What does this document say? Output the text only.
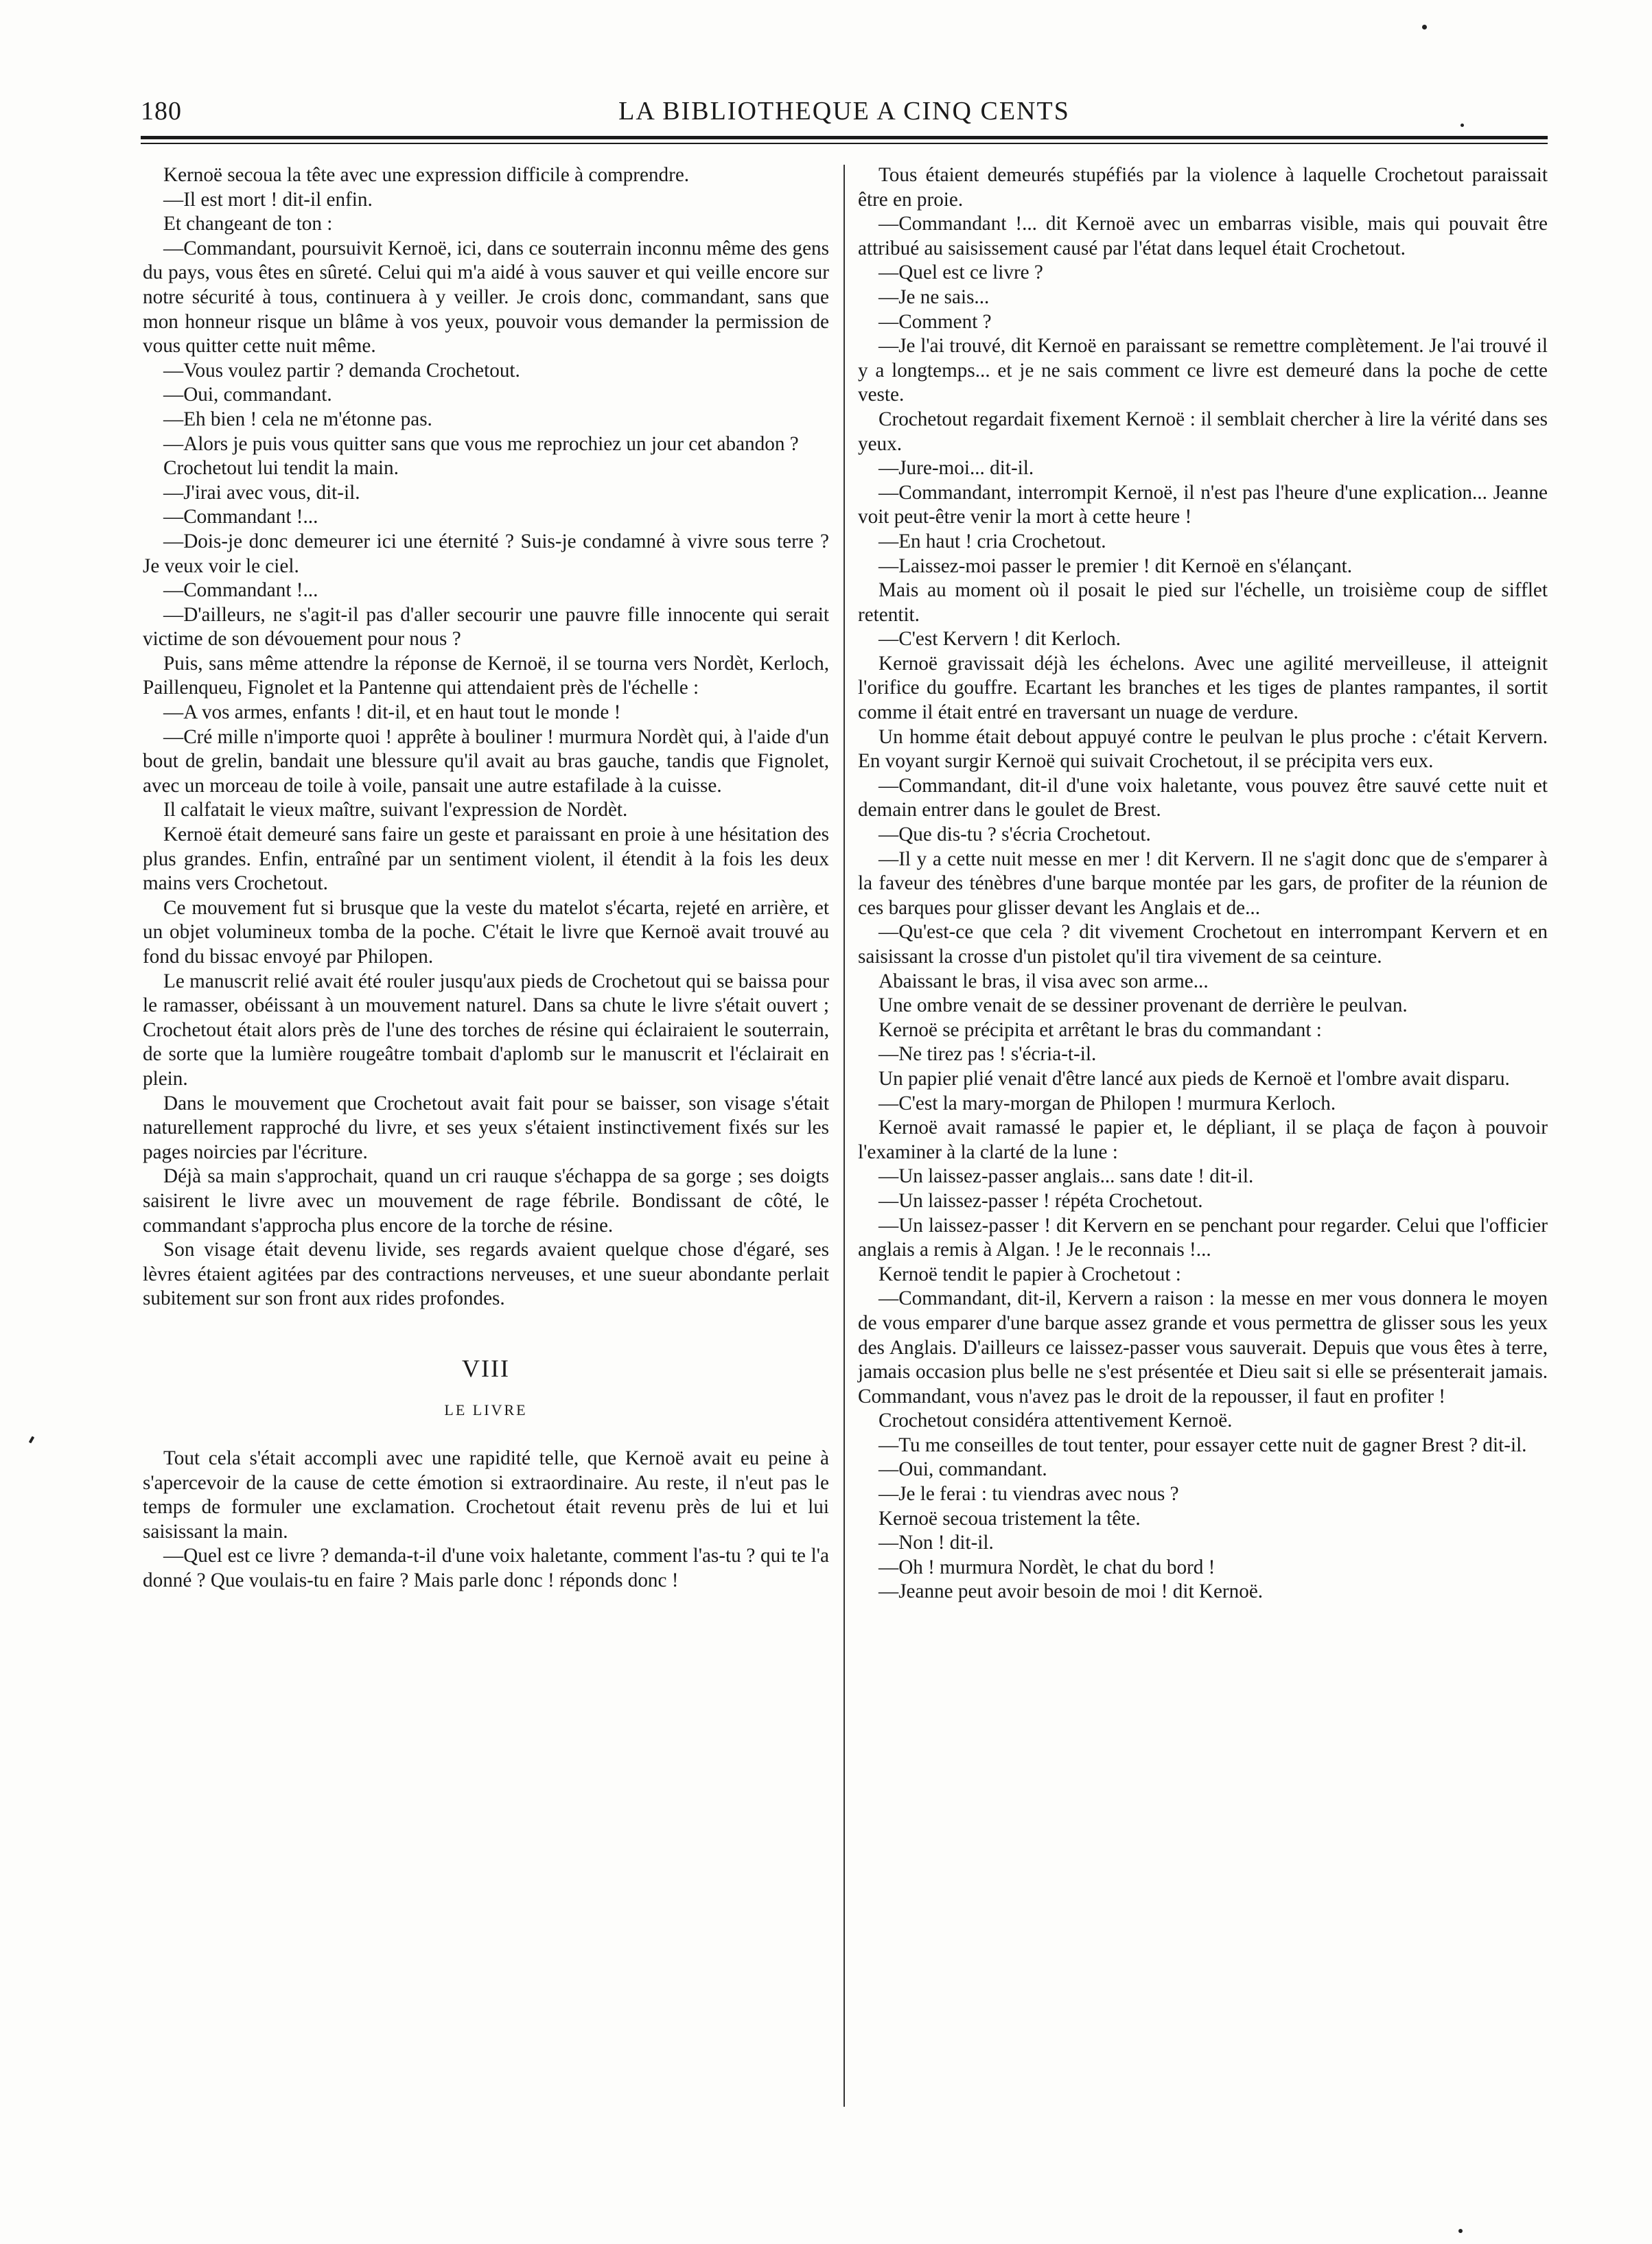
180	LA BIBLIOTHEQUE A CINQ CENTS

Kernoë secoua la tête avec une expression difficile à comprendre.

—Il est mort ! dit-il enfin.

Et changeant de ton :

—Commandant, poursuivit Kernoë, ici, dans ce souterrain inconnu même des gens du pays, vous êtes en sûreté. Celui qui m'a aidé à vous sauver et qui veille encore sur notre sécurité à tous, continuera à y veiller. Je crois donc, commandant, sans que mon honneur risque un blâme à vos yeux, pouvoir vous demander la permission de vous quitter cette nuit même.

—Vous voulez partir ? demanda Crochetout.

—Oui, commandant.

—Eh bien ! cela ne m'étonne pas.

—Alors je puis vous quitter sans que vous me reprochiez un jour cet abandon ?

Crochetout lui tendit la main.

—J'irai avec vous, dit-il.

—Commandant !...

—Dois-je donc demeurer ici une éternité ? Suis-je condamné à vivre sous terre ? Je veux voir le ciel.

—Commandant !...

—D'ailleurs, ne s'agit-il pas d'aller secourir une pauvre fille innocente qui serait victime de son dévouement pour nous ?

Puis, sans même attendre la réponse de Kernoë, il se tourna vers Nordèt, Kerloch, Paillenqueu, Fignolet et la Pantenne qui attendaient près de l'échelle :

—A vos armes, enfants ! dit-il, et en haut tout le monde !

—Cré mille n'importe quoi ! apprête à bouliner ! murmura Nordèt qui, à l'aide d'un bout de grelin, bandait une blessure qu'il avait au bras gauche, tandis que Fignolet, avec un morceau de toile à voile, pansait une autre estafilade à la cuisse.

Il calfatait le vieux maître, suivant l'expression de Nordèt.

Kernoë était demeuré sans faire un geste et paraissant en proie à une hésitation des plus grandes. Enfin, entraîné par un sentiment violent, il étendit à la fois les deux mains vers Crochetout.

Ce mouvement fut si brusque que la veste du matelot s'écarta, rejeté en arrière, et un objet volumineux tomba de la poche. C'était le livre que Kernoë avait trouvé au fond du bissac envoyé par Philopen.

Le manuscrit relié avait été rouler jusqu'aux pieds de Crochetout qui se baissa pour le ramasser, obéissant à un mouvement naturel. Dans sa chute le livre s'était ouvert ; Crochetout était alors près de l'une des torches de résine qui éclairaient le souterrain, de sorte que la lumière rougeâtre tombait d'aplomb sur le manuscrit et l'éclairait en plein.

Dans le mouvement que Crochetout avait fait pour se baisser, son visage s'était naturellement rapproché du livre, et ses yeux s'étaient instinctivement fixés sur les pages noircies par l'écriture.

Déjà sa main s'approchait, quand un cri rauque s'échappa de sa gorge ; ses doigts saisirent le livre avec un mouvement de rage fébrile. Bondissant de côté, le commandant s'approcha plus encore de la torche de résine.

Son visage était devenu livide, ses regards avaient quelque chose d'égaré, ses lèvres étaient agitées par des contractions nerveuses, et une sueur abondante perlait subitement sur son front aux rides profondes.

VIII
LE LIVRE

Tout cela s'était accompli avec une rapidité telle, que Kernoë avait eu peine à s'apercevoir de la cause de cette émotion si extraordinaire. Au reste, il n'eut pas le temps de formuler une exclamation. Crochetout était revenu près de lui et lui saisissant la main.

—Quel est ce livre ? demanda-t-il d'une voix haletante, comment l'as-tu ? qui te l'a donné ? Que voulais-tu en faire ? Mais parle donc ! réponds donc !

Tous étaient demeurés stupéfiés par la violence à laquelle Crochetout paraissait être en proie.

—Commandant !... dit Kernoë avec un embarras visible, mais qui pouvait être attribué au saisissement causé par l'état dans lequel était Crochetout.

—Quel est ce livre ?

—Je ne sais...

—Comment ?

—Je l'ai trouvé, dit Kernoë en paraissant se remettre complètement. Je l'ai trouvé il y a longtemps... et je ne sais comment ce livre est demeuré dans la poche de cette veste.

Crochetout regardait fixement Kernoë : il semblait chercher à lire la vérité dans ses yeux.

—Jure-moi... dit-il.

—Commandant, interrompit Kernoë, il n'est pas l'heure d'une explication... Jeanne voit peut-être venir la mort à cette heure !

—En haut ! cria Crochetout.

—Laissez-moi passer le premier ! dit Kernoë en s'élançant.

Mais au moment où il posait le pied sur l'échelle, un troisième coup de sifflet retentit.

—C'est Kervern ! dit Kerloch.

Kernoë gravissait déjà les échelons. Avec une agilité merveilleuse, il atteignit l'orifice du gouffre. Ecartant les branches et les tiges de plantes rampantes, il sortit comme il était entré en traversant un nuage de verdure.

Un homme était debout appuyé contre le peulvan le plus proche : c'était Kervern. En voyant surgir Kernoë qui suivait Crochetout, il se précipita vers eux.

—Commandant, dit-il d'une voix haletante, vous pouvez être sauvé cette nuit et demain entrer dans le goulet de Brest.

—Que dis-tu ? s'écria Crochetout.

—Il y a cette nuit messe en mer ! dit Kervern. Il ne s'agit donc que de s'emparer à la faveur des ténèbres d'une barque montée par les gars, de profiter de la réunion de ces barques pour glisser devant les Anglais et de...

—Qu'est-ce que cela ? dit vivement Crochetout en interrompant Kervern et en saisissant la crosse d'un pistolet qu'il tira vivement de sa ceinture.

Abaissant le bras, il visa avec son arme...

Une ombre venait de se dessiner provenant de derrière le peulvan.

Kernoë se précipita et arrêtant le bras du commandant :

—Ne tirez pas ! s'écria-t-il.

Un papier plié venait d'être lancé aux pieds de Kernoë et l'ombre avait disparu.

—C'est la mary-morgan de Philopen ! murmura Kerloch.

Kernoë avait ramassé le papier et, le dépliant, il se plaça de façon à pouvoir l'examiner à la clarté de la lune :

—Un laissez-passer anglais... sans date ! dit-il.

—Un laissez-passer ! répéta Crochetout.

—Un laissez-passer ! dit Kervern en se penchant pour regarder. Celui que l'officier anglais a remis à Algan. ! Je le reconnais !...

Kernoë tendit le papier à Crochetout :

—Commandant, dit-il, Kervern a raison : la messe en mer vous donnera le moyen de vous emparer d'une barque assez grande et vous permettra de glisser sous les yeux des Anglais. D'ailleurs ce laissez-passer vous sauverait. Depuis que vous êtes à terre, jamais occasion plus belle ne s'est présentée et Dieu sait si elle se présenterait jamais. Commandant, vous n'avez pas le droit de la repousser, il faut en profiter !

Crochetout considéra attentivement Kernoë.

—Tu me conseilles de tout tenter, pour essayer cette nuit de gagner Brest ? dit-il.

—Oui, commandant.

—Je le ferai : tu viendras avec nous ?

Kernoë secoua tristement la tête.

—Non ! dit-il.

—Oh ! murmura Nordèt, le chat du bord !

—Jeanne peut avoir besoin de moi ! dit Kernoë.
